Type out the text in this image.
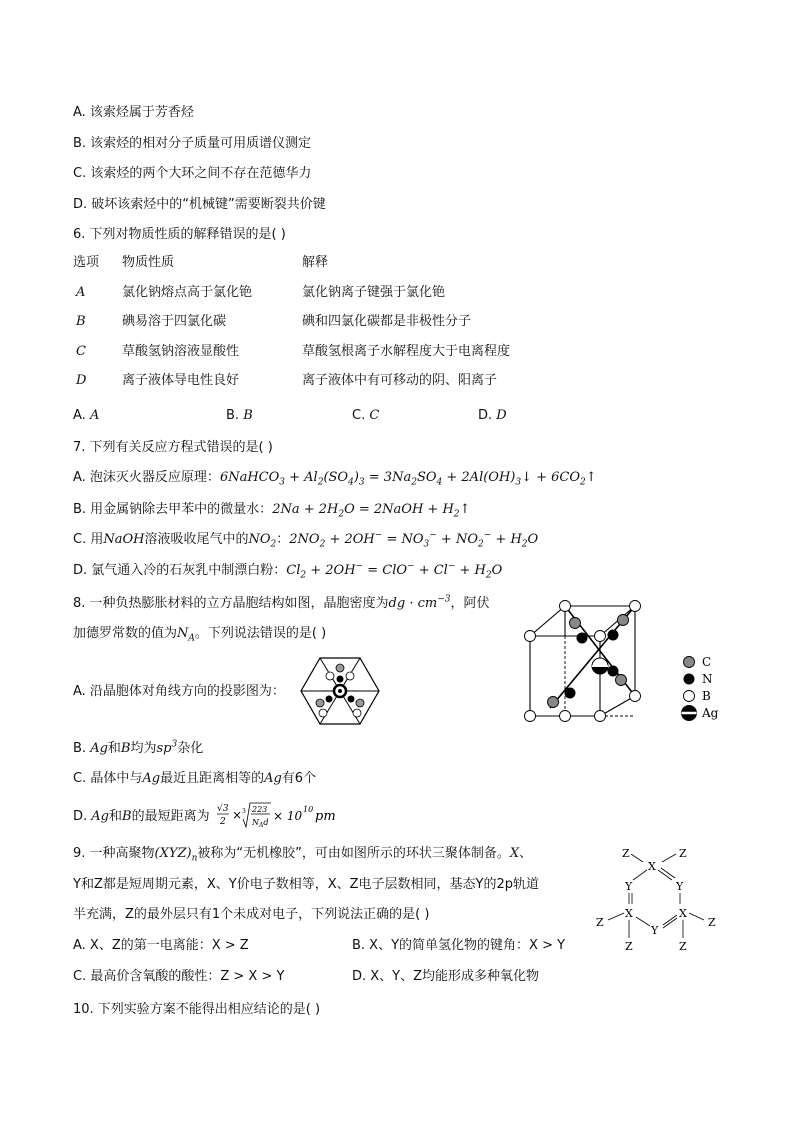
A. 该索烃属于芳香烃
B. 该索烃的相对分子质量可用质谱仪测定
C. 该索烃的两个大环之间不存在范德华力
D. 破坏该索烃中的“机械键”需要断裂共价键
6. 下列对物质性质的解释错误的是( )
选项 物质性质	解释
A	氯化钠熔点高于氯化铯	氯化钠离子键强于氯化铯
B	碘易溶于四氯化碳	碘和四氯化碳都是非极性分子
C	草酸氢钠溶液显酸性	草酸氢根离子水解程度大于电离程度
D	离子液体导电性良好	离子液体中有可移动的阴、阳离子
A. A	B. B	C. C	D. D
7. 下列有关反应方程式错误的是( )
A. 泡沫灭火器反应原理：6NaHCO$_3$ + $Al_2(SO_4)_3 = 3Na_2SO_4$ + $2Al(OH)_3↓$ + $6CO_2↑$
B. 用金属钠除去甲苯中的微量水：$2Na + 2H_2O$ = 2NaOH + $H_2↑$
C. 用NaOH溶液吸收尾气中的$NO_2$：$2NO_2 + 2OH^- = NO_3^- + NO_2^- + H_2O$
D. 氯气通入冷的石灰乳中制漂白粉：$Cl_2 + 2OH^- = ClO^- + Cl^- + H_2O$
8. 一种负热膨胀材料的立方晶胞结构如图，晶胞密度为dg · $cm^{-3}$，阿伏
加德罗常数的值为$N_A$。下列说法错误的是( )
A. 沿晶胞体对角线方向的投影图为：
B. Ag和B均为$sp^3$杂化
C. 晶体中与Ag最近且距离相等的Ag有6个
D. Ag和B的最短距离为 √3
2 × 3 223
$N_Ad \times 10$ 10 pm
C
N
B
Ag
9. 一种高聚物$(XYZ)_n$被称为“无机橡胶”，可由如图所示的环状三聚体制备。X、
Y和Z都是短周期元素，X、Y价电子数相等，X、Z电子层数相同，基态Y的2p轨道
半充满，Z的最外层只有1个未成对电子，下列说法正确的是( )
A. X、Z的第一电离能：X > Z	B. X、Y的简单氢化物的键角：X > Y
C. 最高价含氧酸的酸性：Z > X > Y	D. X、Y、Z均能形成多种氧化物
Z	Z
X
Y	Y
X	X
Y
Z	Z
Z	Z
10. 下列实验方案不能得出相应结论的是( )
